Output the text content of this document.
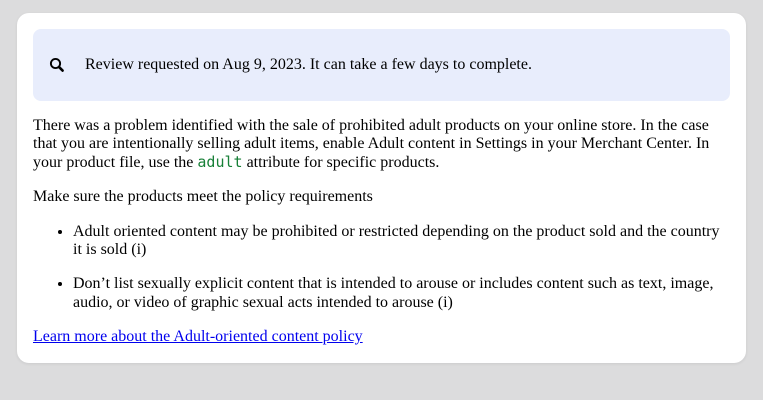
Review requested on Aug 9, 2023. It can take a few days to complete.

There was a problem identified with the sale of prohibited adult products on your online store. In the case that you are intentionally selling adult items, enable Adult content in Settings in your Merchant Center. In your product file, use the adult attribute for specific products.

Make sure the products meet the policy requirements

• Adult oriented content may be prohibited or restricted depending on the product sold and the country it is sold (i)
• Don’t list sexually explicit content that is intended to arouse or includes content such as text, image, audio, or video of graphic sexual acts intended to arouse (i)

Learn more about the Adult-oriented content policy
